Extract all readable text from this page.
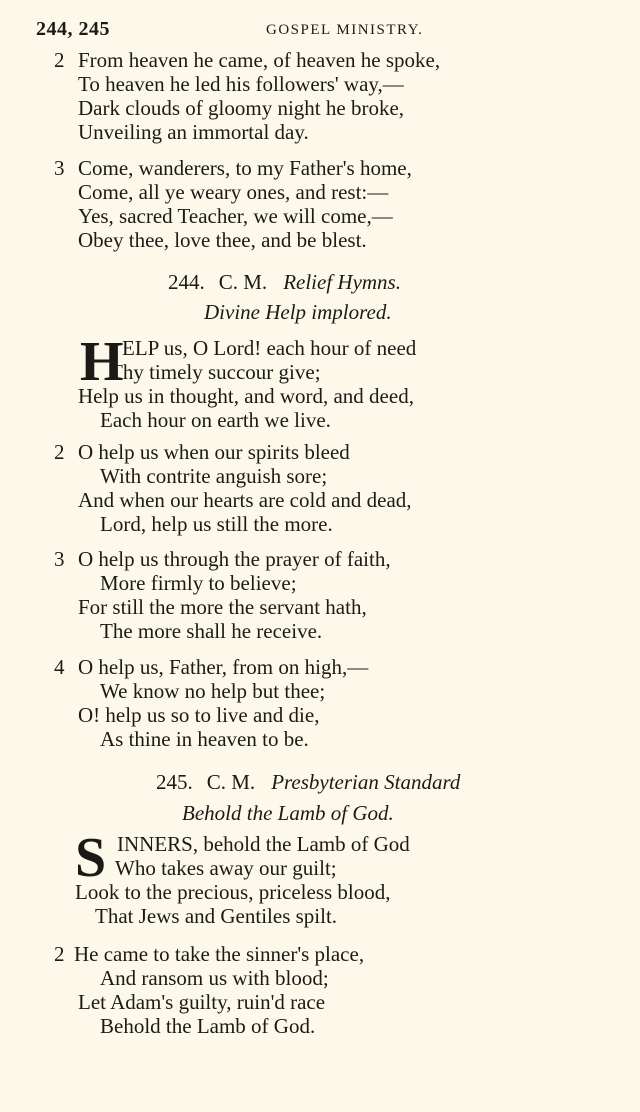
244, 245	GOSPEL MINISTRY.
2 From heaven he came, of heaven he spoke,
To heaven he led his followers' way,—
Dark clouds of gloomy night he broke,
Unveiling an immortal day.
3 Come, wanderers, to my Father's home,
Come, all ye weary ones, and rest:—
Yes, sacred Teacher, we will come,—
Obey thee, love thee, and be blest.
244. C. M. Relief Hymns.
Divine Help implored.
H
ELP us, O Lord! each hour of need
Thy timely succour give;
Help us in thought, and word, and deed,
Each hour on earth we live.
2 O help us when our spirits bleed
With contrite anguish sore;
And when our hearts are cold and dead,
Lord, help us still the more.
3 O help us through the prayer of faith,
More firmly to believe;
For still the more the servant hath,
The more shall he receive.
4 O help us, Father, from on high,—
We know no help but thee;
O! help us so to live and die,
As thine in heaven to be.
245. C. M. Presbyterian Standard
Behold the Lamb of God.
S INNERS, behold the Lamb of God
Who takes away our guilt;
Look to the precious, priceless blood,
That Jews and Gentiles spilt.
2 He came to take the sinner's place,
And ransom us with blood;
Let Adam's guilty, ruin'd race
Behold the Lamb of God.
